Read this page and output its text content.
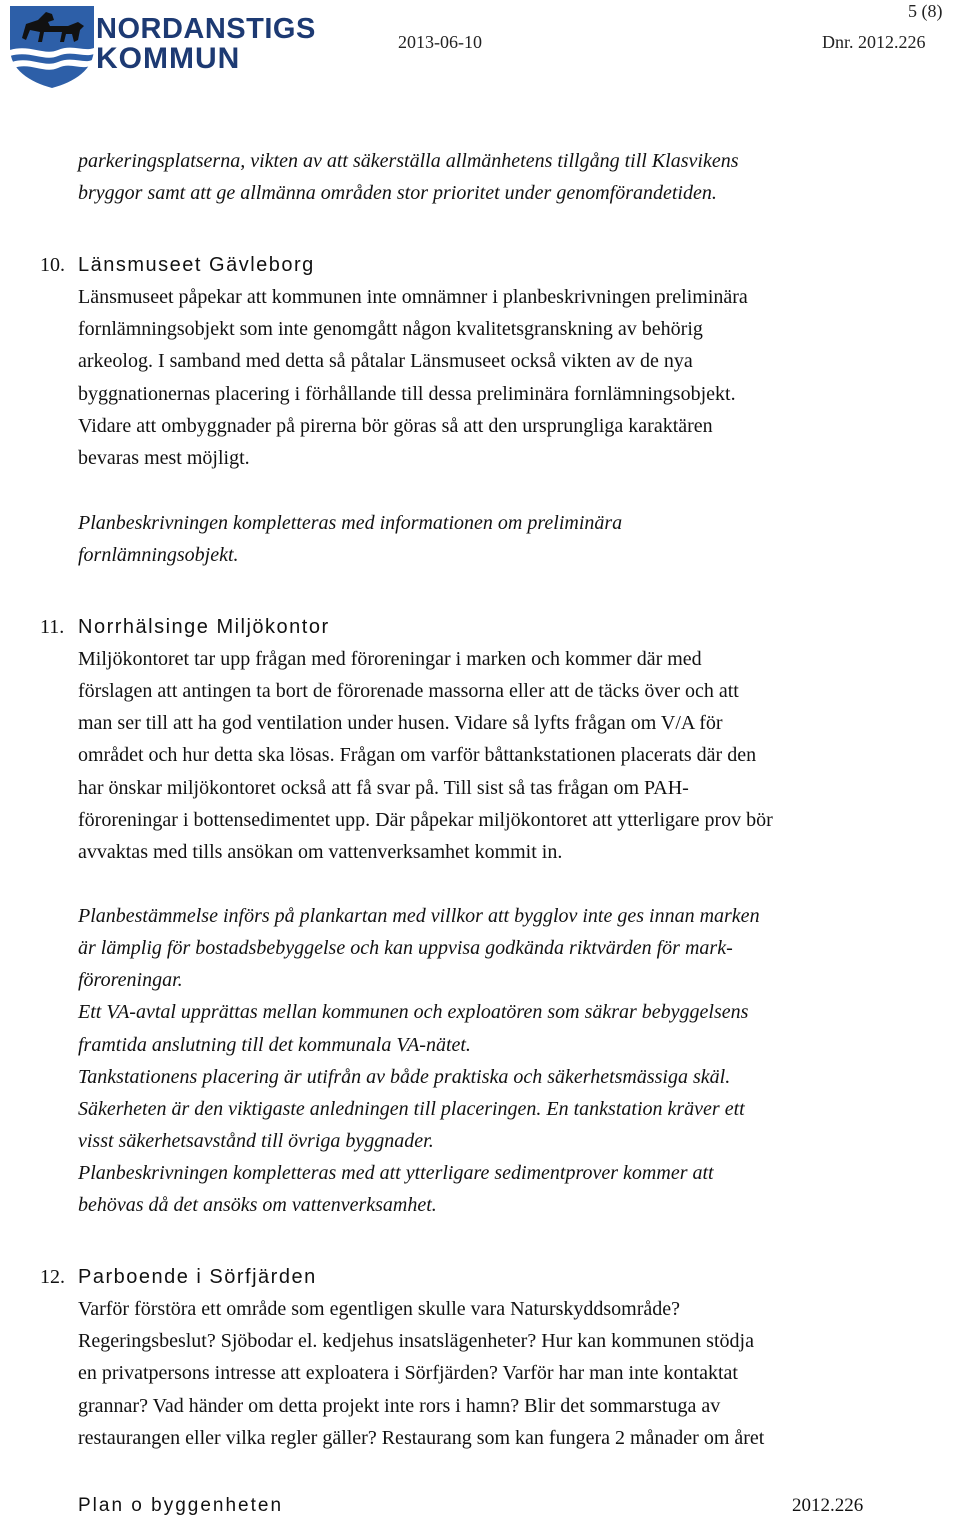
NORDANSTIGS
KOMMUN
5 (8)
2013-06-10	Dnr. 2012.226
parkeringsplatserna, vikten av att säkerställa allmänhetens tillgång till Klasvikens
bryggor samt att ge allmänna områden stor prioritet under genomförandetiden.
10. Länsmuseet Gävleborg
Länsmuseet påpekar att kommunen inte omnämner i planbeskrivningen preliminära
fornlämningsobjekt som inte genomgått någon kvalitetsgranskning av behörig
arkeolog. I samband med detta så påtalar Länsmuseet också vikten av de nya
byggnationernas placering i förhållande till dessa preliminära fornlämningsobjekt.
Vidare att ombyggnader på pirerna bör göras så att den ursprungliga karaktären
bevaras mest möjligt.
Planbeskrivningen kompletteras med informationen om preliminära
fornlämningsobjekt.
11. Norrhälsinge Miljökontor
Miljökontoret tar upp frågan med föroreningar i marken och kommer där med
förslagen att antingen ta bort de förorenade massorna eller att de täcks över och att
man ser till att ha god ventilation under husen. Vidare så lyfts frågan om V/A för
området och hur detta ska lösas. Frågan om varför båttankstationen placerats där den
har önskar miljökontoret också att få svar på. Till sist så tas frågan om PAH-
föroreningar i bottensedimentet upp. Där påpekar miljökontoret att ytterligare prov bör
avvaktas med tills ansökan om vattenverksamhet kommit in.
Planbestämmelse införs på plankartan med villkor att bygglov inte ges innan marken
är lämplig för bostadsbebyggelse och kan uppvisa godkända riktvärden för mark-
föroreningar.
Ett VA-avtal upprättas mellan kommunen och exploatören som säkrar bebyggelsens
framtida anslutning till det kommunala VA-nätet.
Tankstationens placering är utifrån av både praktiska och säkerhetsmässiga skäl.
Säkerheten är den viktigaste anledningen till placeringen. En tankstation kräver ett
visst säkerhetsavstånd till övriga byggnader.
Planbeskrivningen kompletteras med att ytterligare sedimentprover kommer att
behövas då det ansöks om vattenverksamhet.
12. Parboende i Sörfjärden
Varför förstöra ett område som egentligen skulle vara Naturskyddsområde?
Regeringsbeslut? Sjöbodar el. kedjehus insatslägenheter? Hur kan kommunen stödja
en privatpersons intresse att exploatera i Sörfjärden? Varför har man inte kontaktat
grannar? Vad händer om detta projekt inte rors i hamn? Blir det sommarstuga av
restaurangen eller vilka regler gäller? Restaurang som kan fungera 2 månader om året
Plan o byggenheten	2012.226
